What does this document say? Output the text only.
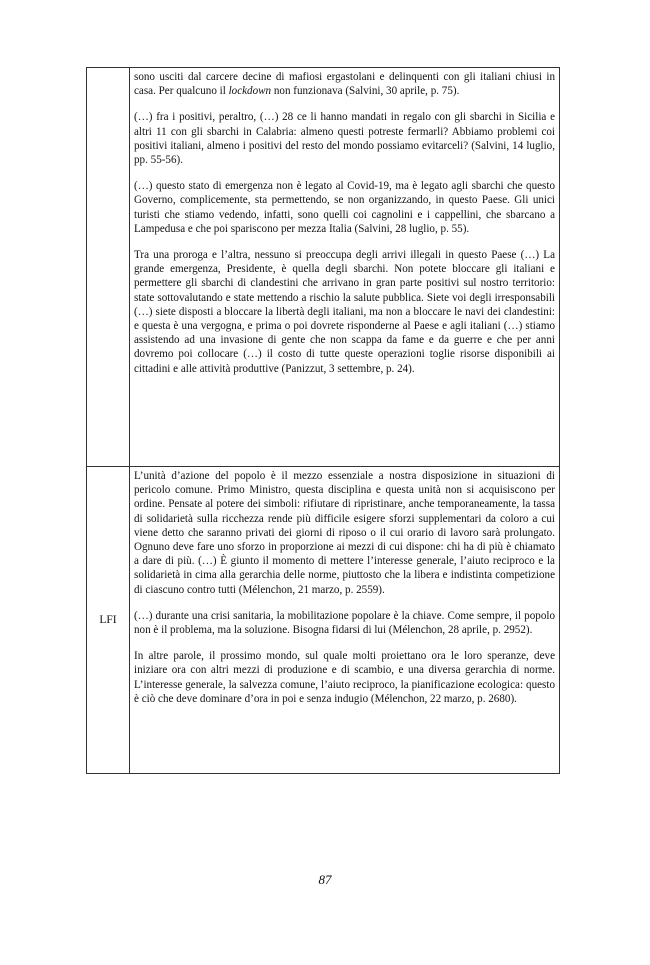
	sono usciti dal carcere decine di mafiosi ergastolani e delinquenti con gli italiani chiusi in casa. Per qualcuno il lockdown non funzionava (Salvini, 30 aprile, p. 75).

(…) fra i positivi, peraltro, (…) 28 ce li hanno mandati in regalo con gli sbarchi in Sicilia e altri 11 con gli sbarchi in Calabria: almeno questi potreste fermarli? Abbiamo problemi coi positivi italiani, almeno i positivi del resto del mondo possiamo evitarceli? (Salvini, 14 luglio, pp. 55-56).

(…) questo stato di emergenza non è legato al Covid-19, ma è legato agli sbarchi che questo Governo, complicemente, sta permettendo, se non organizzando, in questo Paese. Gli unici turisti che stiamo vedendo, infatti, sono quelli coi cagnolini e i cappellini, che sbarcano a Lampedusa e che poi spariscono per mezza Italia (Salvini, 28 luglio, p. 55).

Tra una proroga e l’altra, nessuno si preoccupa degli arrivi illegali in questo Paese (…) La grande emergenza, Presidente, è quella degli sbarchi. Non potete bloccare gli italiani e permettere gli sbarchi di clandestini che arrivano in gran parte positivi sul nostro territorio: state sottovalutando e state mettendo a rischio la salute pubblica. Siete voi degli irresponsabili (…) siete disposti a bloccare la libertà degli italiani, ma non a bloccare le navi dei clandestini: e questa è una vergogna, e prima o poi dovrete risponderne al Paese e agli italiani (…) stiamo assistendo ad una invasione di gente che non scappa da fame e da guerre e che per anni dovremo poi collocare (…) il costo di tutte queste operazioni toglie risorse disponibili ai cittadini e alle attività produttive (Panizzut, 3 settembre, p. 24).

LFI	L’unità d’azione del popolo è il mezzo essenziale a nostra disposizione in situazioni di pericolo comune. Primo Ministro, questa disciplina e questa unità non si acquisiscono per ordine. Pensate al potere dei simboli: rifiutare di ripristinare, anche temporaneamente, la tassa di solidarietà sulla ricchezza rende più difficile esigere sforzi supplementari da coloro a cui viene detto che saranno privati dei giorni di riposo o il cui orario di lavoro sarà prolungato. Ognuno deve fare uno sforzo in proporzione ai mezzi di cui dispone: chi ha di più è chiamato a dare di più. (…) È giunto il momento di mettere l’interesse generale, l’aiuto reciproco e la solidarietà in cima alla gerarchia delle norme, piuttosto che la libera e indistinta competizione di ciascuno contro tutti (Mélenchon, 21 marzo, p. 2559).

(…) durante una crisi sanitaria, la mobilitazione popolare è la chiave. Come sempre, il popolo non è il problema, ma la soluzione. Bisogna fidarsi di lui (Mélenchon, 28 aprile, p. 2952).

In altre parole, il prossimo mondo, sul quale molti proiettano ora le loro speranze, deve iniziare ora con altri mezzi di produzione e di scambio, e una diversa gerarchia di norme. L’interesse generale, la salvezza comune, l’aiuto reciproco, la pianificazione ecologica: questo è ciò che deve dominare d’ora in poi e senza indugio (Mélenchon, 22 marzo, p. 2680).

87
